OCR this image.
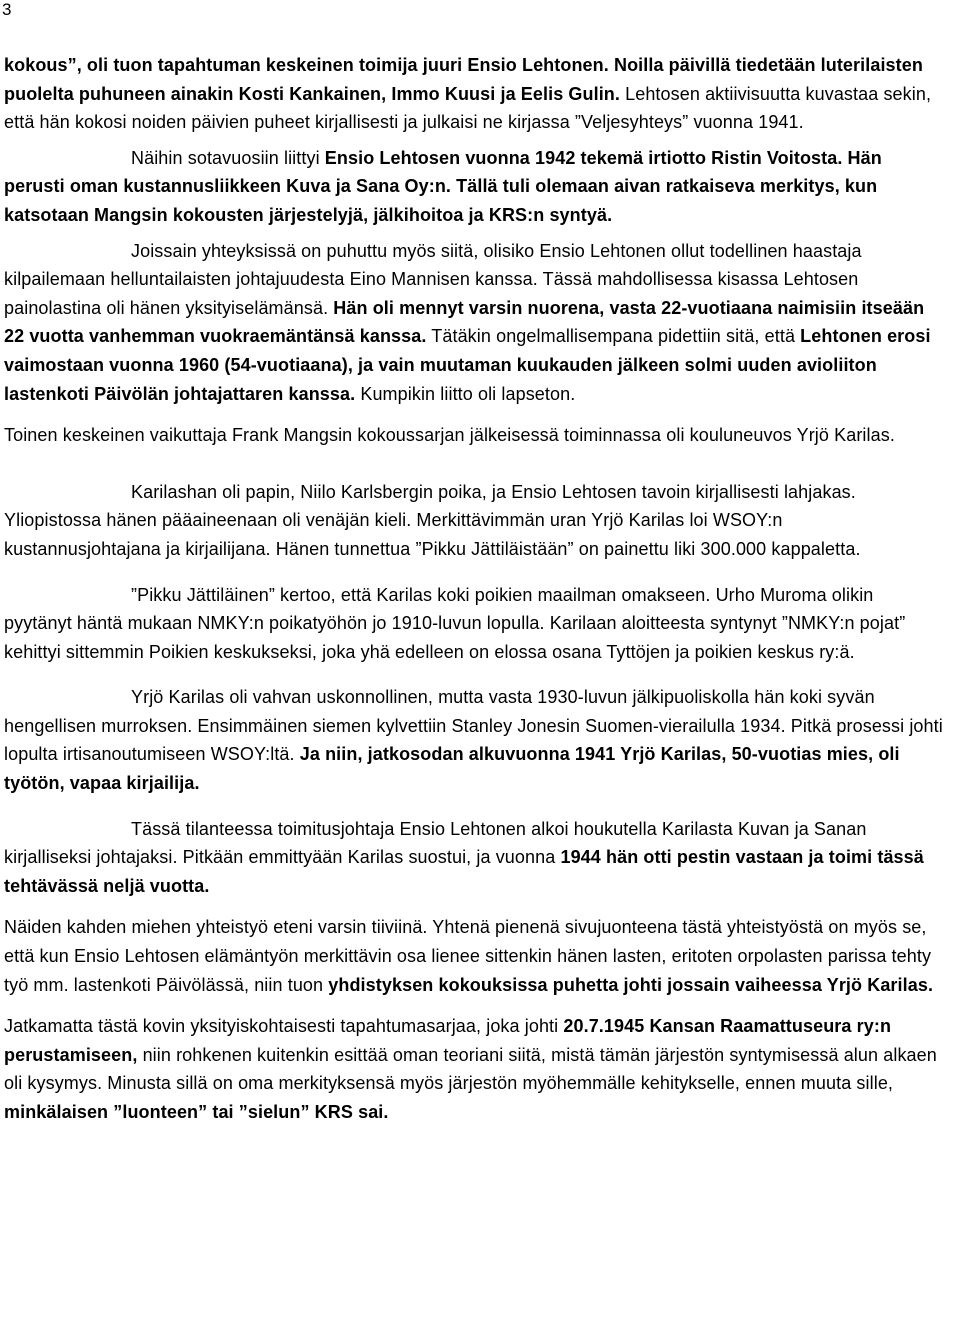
3

kokous”, oli tuon tapahtuman keskeinen toimija juuri Ensio Lehtonen. Noilla päivillä tiedetään luterilaisten puolelta puhuneen ainakin Kosti Kankainen, Immo Kuusi ja Eelis Gulin. Lehtosen aktiivisuutta kuvastaa sekin, että hän kokosi noiden päivien puheet kirjallisesti ja julkaisi ne kirjassa ”Veljesyhteys” vuonna 1941.

Näihin sotavuosiin liittyi Ensio Lehtosen vuonna 1942 tekemä irtiotto Ristin Voitosta. Hän perusti oman kustannusliikkeen Kuva ja Sana Oy:n. Tällä tuli olemaan aivan ratkaiseva merkitys, kun katsotaan Mangsin kokousten järjestelyjä, jälkihoitoa ja KRS:n syntyä.

Joissain yhteyksissä on puhuttu myös siitä, olisiko Ensio Lehtonen ollut todellinen haastaja kilpailemaan helluntailaisten johtajuudesta Eino Mannisen kanssa. Tässä mahdollisessa kisassa Lehtosen painolastina oli hänen yksityiselämänsä. Hän oli mennyt varsin nuorena, vasta 22-vuotiaana naimisiin itseään 22 vuotta vanhemman vuokraemäntänsä kanssa. Tätäkin ongelmallisempana pidettiin sitä, että Lehtonen erosi vaimostaan vuonna 1960 (54-vuotiaana), ja vain muutaman kuukauden jälkeen solmi uuden avioliiton lastenkoti Päivölän johtajattaren kanssa. Kumpikin liitto oli lapseton.

Toinen keskeinen vaikuttaja Frank Mangsin kokoussarjan jälkeisessä toiminnassa oli kouluneuvos Yrjö Karilas.

Karilashan oli papin, Niilo Karlsbergin poika, ja Ensio Lehtosen tavoin kirjallisesti lahjakas. Yliopistossa hänen pääaineenaan oli venäjän kieli. Merkittävimmän uran Yrjö Karilas loi WSOY:n kustannusjohtajana ja kirjailijana. Hänen tunnettua ”Pikku Jättiläistään” on painettu liki 300.000 kappaletta.

”Pikku Jättiläinen” kertoo, että Karilas koki poikien maailman omakseen. Urho Muroma olikin pyytänyt häntä mukaan NMKY:n poikatyöhön jo 1910-luvun lopulla. Karilaan aloitteesta syntynyt ”NMKY:n pojat” kehittyi sittemmin Poikien keskukseksi, joka yhä edelleen on elossa osana Tyttöjen ja poikien keskus ry:ä.

Yrjö Karilas oli vahvan uskonnollinen, mutta vasta 1930-luvun jälkipuoliskolla hän koki syvän hengellisen murroksen. Ensimmäinen siemen kylvettiin Stanley Jonesin Suomen-vierailulla 1934. Pitkä prosessi johti lopulta irtisanoutumiseen WSOY:ltä. Ja niin, jatkosodan alkuvuonna 1941 Yrjö Karilas, 50-vuotias mies, oli työtön, vapaa kirjailija.

Tässä tilanteessa toimitusjohtaja Ensio Lehtonen alkoi houkutella Karilasta Kuvan ja Sanan kirjalliseksi johtajaksi. Pitkään emmittyään Karilas suostui, ja vuonna 1944 hän otti pestin vastaan ja toimi tässä tehtävässä neljä vuotta.

Näiden kahden miehen yhteistyö eteni varsin tiiviinä. Yhtenä pienenä sivujuonteena tästä yhteistyöstä on myös se, että kun Ensio Lehtosen elämäntyön merkittävin osa lienee sittenkin hänen lasten, eritoten orpolasten parissa tehty työ mm. lastenkoti Päivölässä, niin tuon yhdistyksen kokouksissa puhetta johti jossain vaiheessa Yrjö Karilas.

Jatkamatta tästä kovin yksityiskohtaisesti tapahtumasarjaa, joka johti 20.7.1945 Kansan Raamattuseura ry:n perustamiseen, niin rohkenen kuitenkin esittää oman teoriani siitä, mistä tämän järjestön syntymisessä alun alkaen oli kysymys. Minusta sillä on oma merkityksensä myös järjestön myöhemmälle kehitykselle, ennen muuta sille, minkälaisen ”luonteen” tai ”sielun” KRS sai.
